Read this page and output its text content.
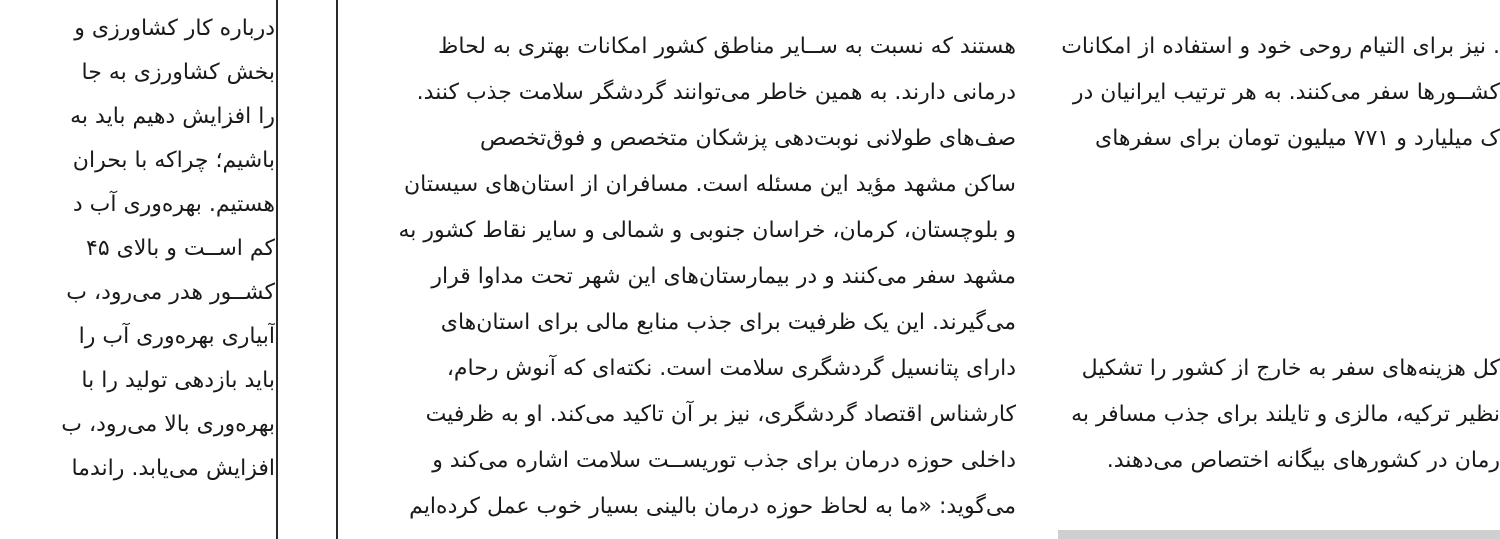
درباره کار کشاورزی و
بخش کشاورزی به جا
را افزایش دهیم باید به
باشیم؛ چراکه با بحران
هستیم. بهره‌وری آب د
کم اســت و بالای ۴۵
کشــور هدر می‌رود، ب
آبیاری بهره‌وری آب را
باید بازدهی تولید را با
بهره‌وری بالا می‌رود، ب
افزایش می‌یابد. راندما
هستند که نسبت به ســایر مناطق کشور امکانات بهتری به لحاظ
درمانی دارند. به همین خاطر می‌توانند گردشگر سلامت جذب کنند.
صف‌های طولانی نوبت‌دهی پزشکان متخصص و فوق‌تخصص
ساکن مشهد مؤید این مسئله است. مسافران از استان‌های سیستان
و بلوچستان، کرمان، خراسان جنوبی و شمالی و سایر نقاط کشور به
مشهد سفر می‌کنند و در بیمارستان‌های این شهر تحت مداوا قرار
می‌گیرند. این یک ظرفیت برای جذب منابع مالی برای استان‌های
دارای پتانسیل گردشگری سلامت است. نکته‌ای که آنوش رحام،
کارشناس اقتصاد گردشگری، نیز بر آن تاکید می‌کند. او به ظرفیت
داخلی حوزه درمان برای جذب توریســت سلامت اشاره می‌کند و
می‌گوید: «ما به لحاظ حوزه درمان بالینی بسیار خوب عمل کرده‌ایم
. نیز برای التیام روحی خود و استفاده از امکانات
کشــورها سفر می‌کنند. به هر ترتیب ایرانیان در
ک میلیارد و ۷۷۱ میلیون تومان برای سفرهای
کل هزینه‌های سفر به خارج از کشور را تشکیل
نظیر ترکیه، مالزی و تایلند برای جذب مسافر به
رمان در کشورهای بیگانه اختصاص می‌دهند.
